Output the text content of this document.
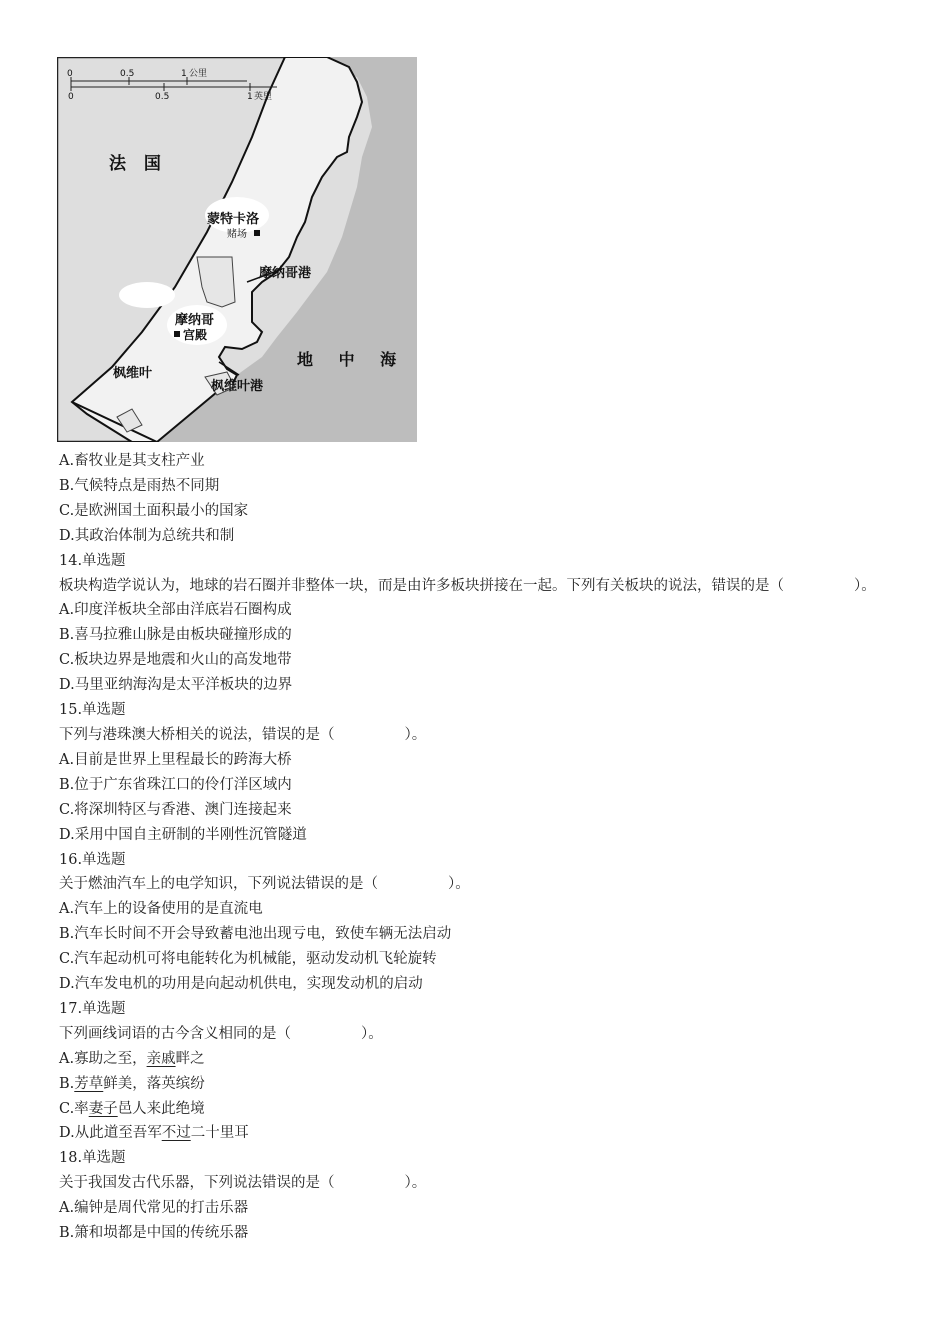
0	0.5	1 公里
0	0.5	1 英里
法 国
蒙特卡洛
赌场
摩纳哥港
摩纳哥
宫殿
地 中 海
枫维叶
枫维叶港
A.畜牧业是其支柱产业
B.气候特点是雨热不同期
C.是欧洲国土面积最小的国家
D.其政治体制为总统共和制
14.单选题
板块构造学说认为，地球的岩石圈并非整体一块，而是由许多板块拼接在一起。下列有关板块的说法，错误的是（	）。
A.印度洋板块全部由洋底岩石圈构成
B.喜马拉雅山脉是由板块碰撞形成的
C.板块边界是地震和火山的高发地带
D.马里亚纳海沟是太平洋板块的边界
15.单选题
下列与港珠澳大桥相关的说法，错误的是（	）。
A.目前是世界上里程最长的跨海大桥
B.位于广东省珠江口的伶仃洋区域内
C.将深圳特区与香港、澳门连接起来
D.采用中国自主研制的半刚性沉管隧道
16.单选题
关于燃油汽车上的电学知识，下列说法错误的是（	）。
A.汽车上的设备使用的是直流电
B.汽车长时间不开会导致蓄电池出现亏电，致使车辆无法启动
C.汽车起动机可将电能转化为机械能，驱动发动机飞轮旋转
D.汽车发电机的功用是向起动机供电，实现发动机的启动
17.单选题
下列画线词语的古今含义相同的是（	）。
A.寡助之至，亲戚畔之
B.芳草鲜美，落英缤纷
C.率妻子邑人来此绝境
D.从此道至吾军不过二十里耳
18.单选题
关于我国发古代乐器，下列说法错误的是（	）。
A.编钟是周代常见的打击乐器
B.箫和埙都是中国的传统乐器
